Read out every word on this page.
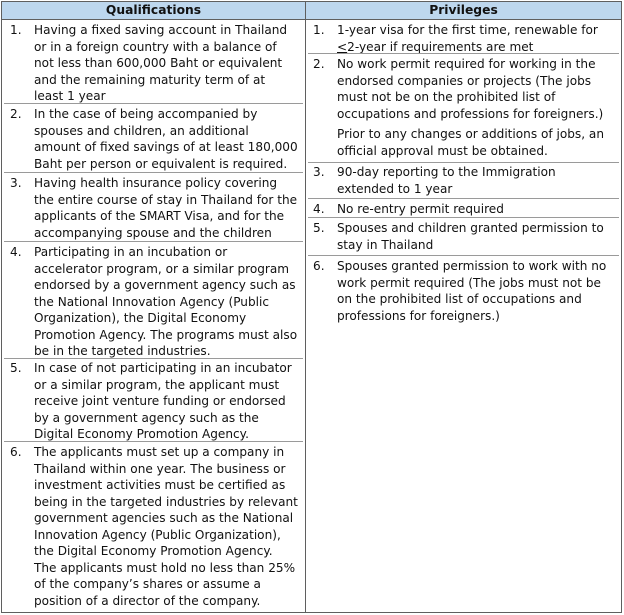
Qualifications	Privileges
1. Having a fixed saving account in Thailand or in a foreign country with a balance of not less than 600,000 Baht or equivalent and the remaining maturity term of at least 1 year
2. In the case of being accompanied by spouses and children, an additional amount of fixed savings of at least 180,000 Baht per person or equivalent is required.
3. Having health insurance policy covering the entire course of stay in Thailand for the applicants of the SMART Visa, and for the accompanying spouse and the children
4. Participating in an incubation or accelerator program, or a similar program endorsed by a government agency such as the National Innovation Agency (Public Organization), the Digital Economy Promotion Agency. The programs must also be in the targeted industries.
5. In case of not participating in an incubator or a similar program, the applicant must receive joint venture funding or endorsed by a government agency such as the Digital Economy Promotion Agency.
6. The applicants must set up a company in Thailand within one year. The business or investment activities must be certified as being in the targeted industries by relevant government agencies such as the National Innovation Agency (Public Organization), the Digital Economy Promotion Agency. The applicants must hold no less than 25% of the company’s shares or assume a position of a director of the company.
1. 1-year visa for the first time, renewable for ≤2-year if requirements are met
2. No work permit required for working in the endorsed companies or projects (The jobs must not be on the prohibited list of occupations and professions for foreigners.)
Prior to any changes or additions of jobs, an official approval must be obtained.
3. 90-day reporting to the Immigration extended to 1 year
4. No re-entry permit required
5. Spouses and children granted permission to stay in Thailand
6. Spouses granted permission to work with no work permit required (The jobs must not be on the prohibited list of occupations and professions for foreigners.)
